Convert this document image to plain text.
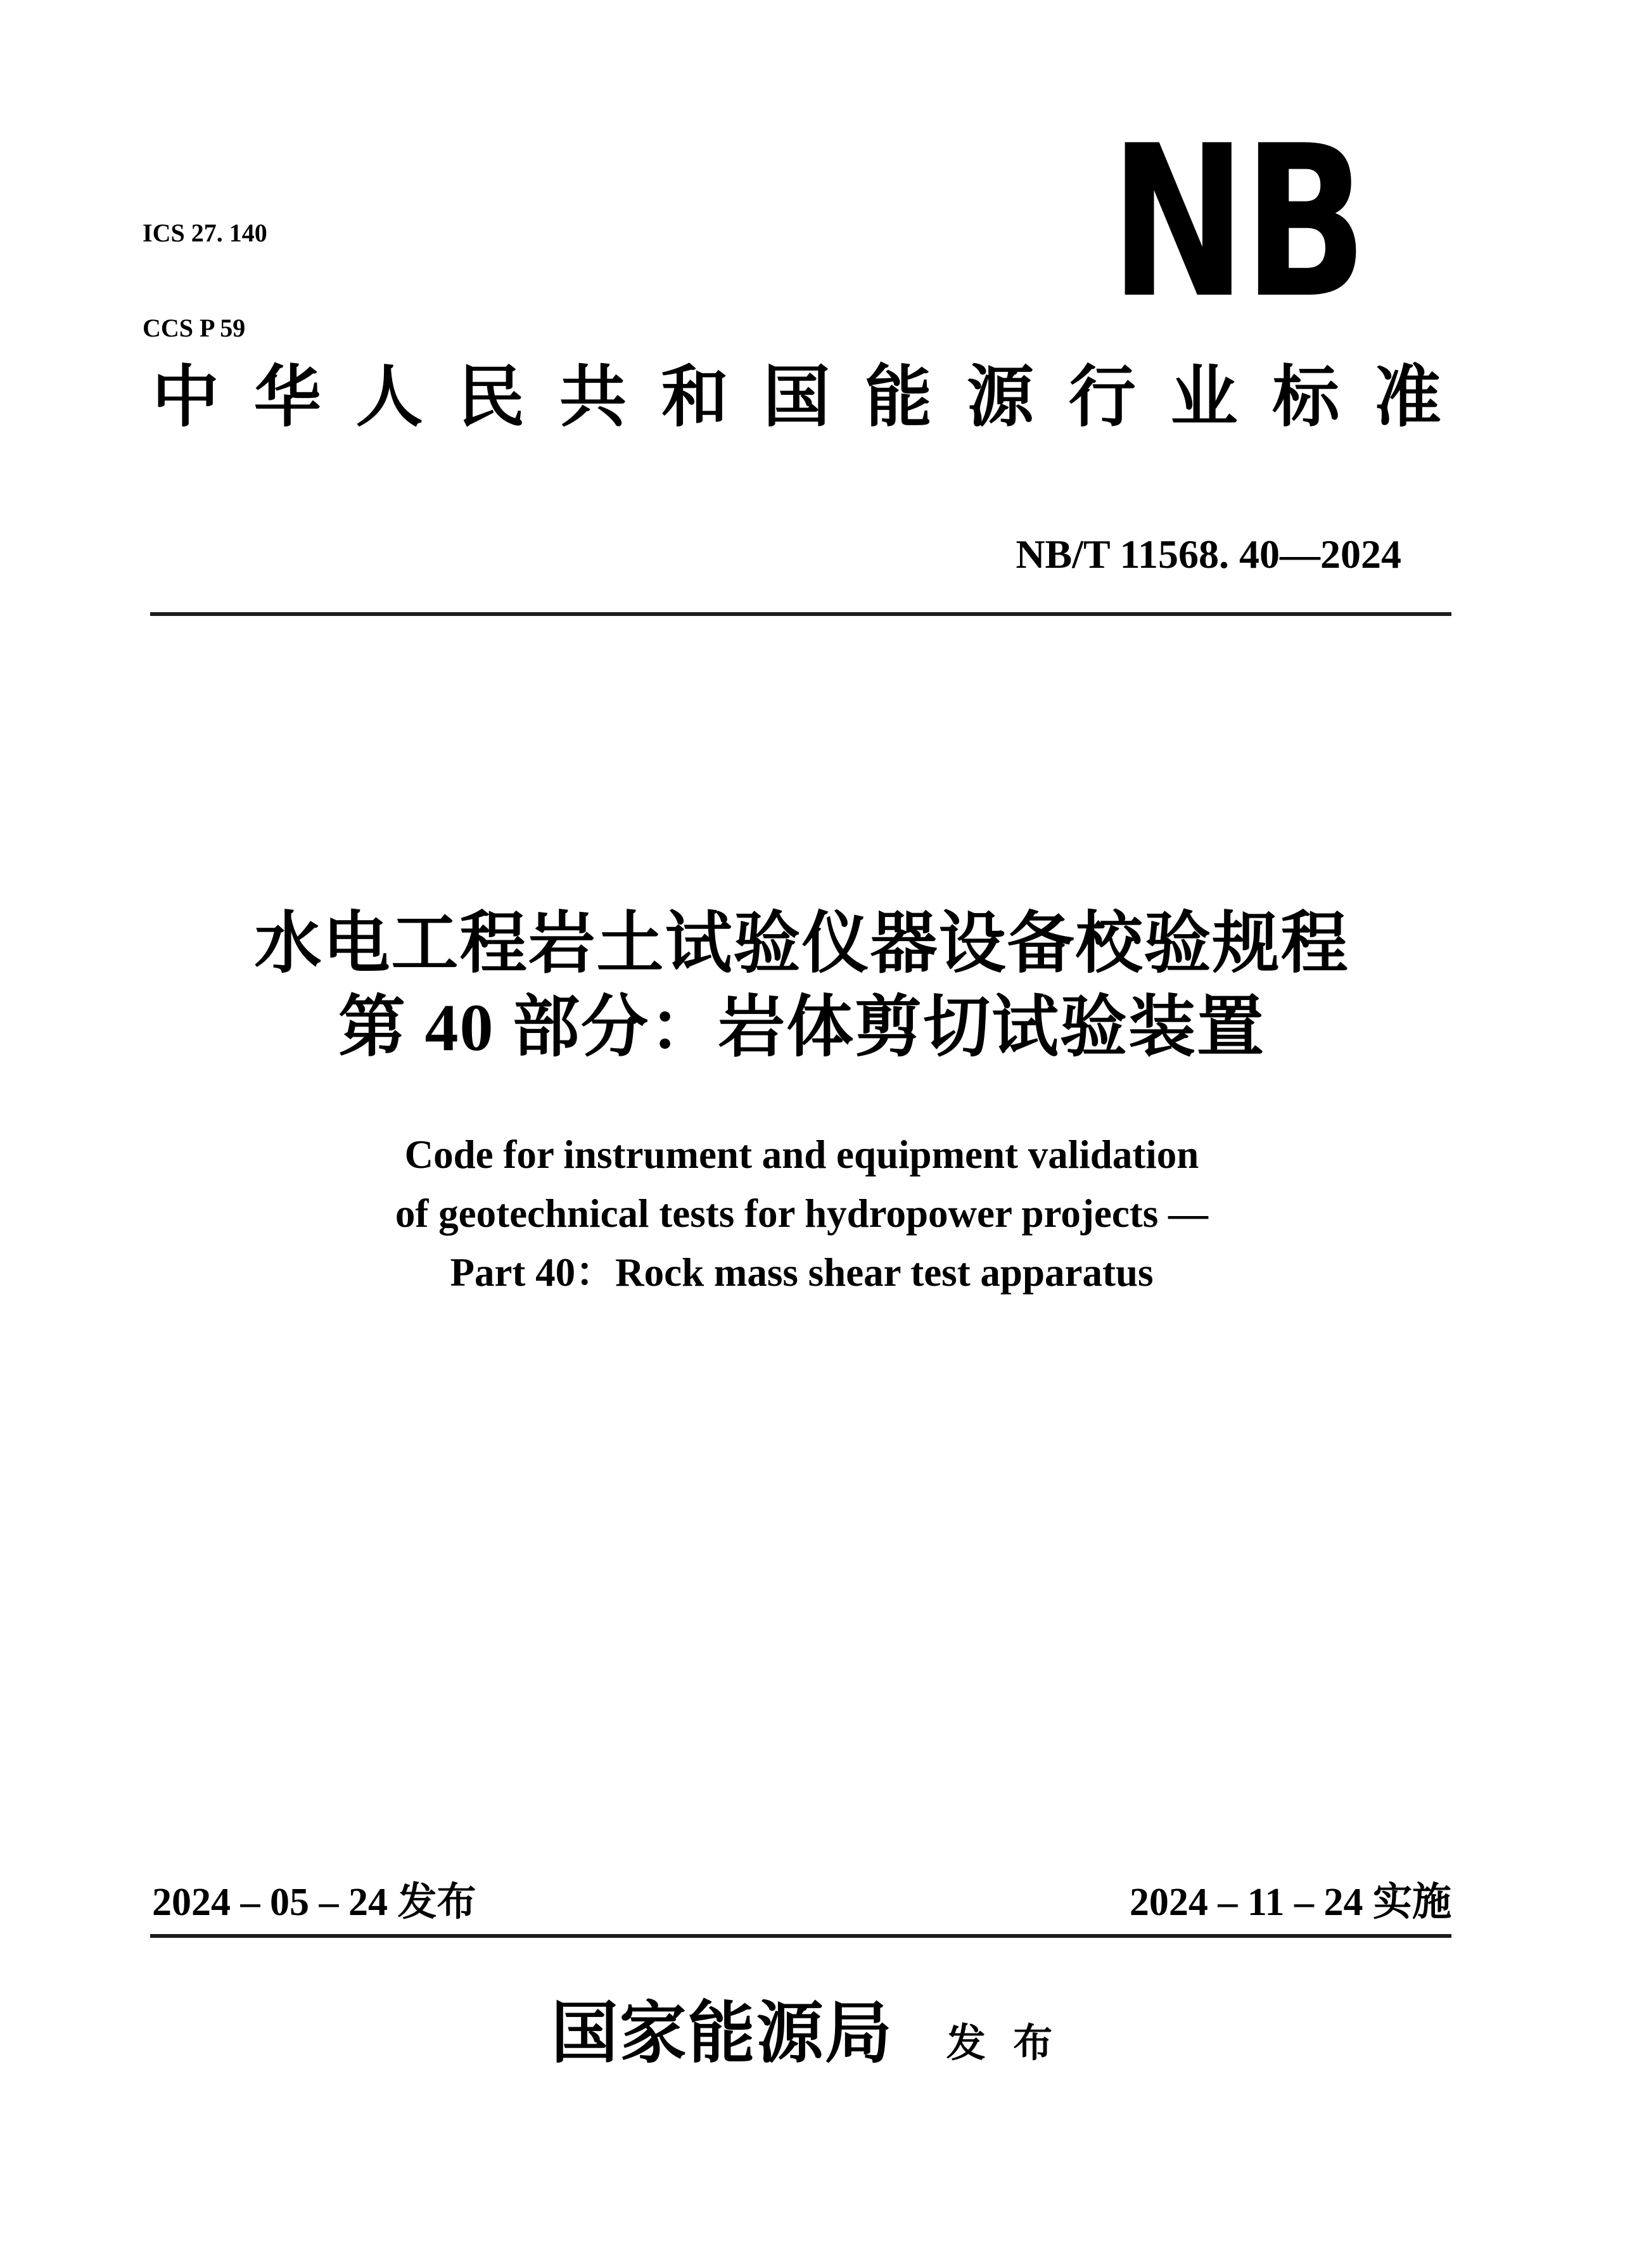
ICS 27. 140

CCS P 59

	NB
中 华 人 民 共 和 国 能 源 行 业 标 准
NB/T 11568. 40—2024
水电工程岩土试验仪器设备校验规程
第 40 部分：岩体剪切试验装置
Code for instrument and equipment validation
of geotechnical tests for hydropower projects —
Part 40：Rock mass shear test apparatus
2024 – 05 – 24 发布	2024 – 11 – 24 实施
国家能源局 发 布
